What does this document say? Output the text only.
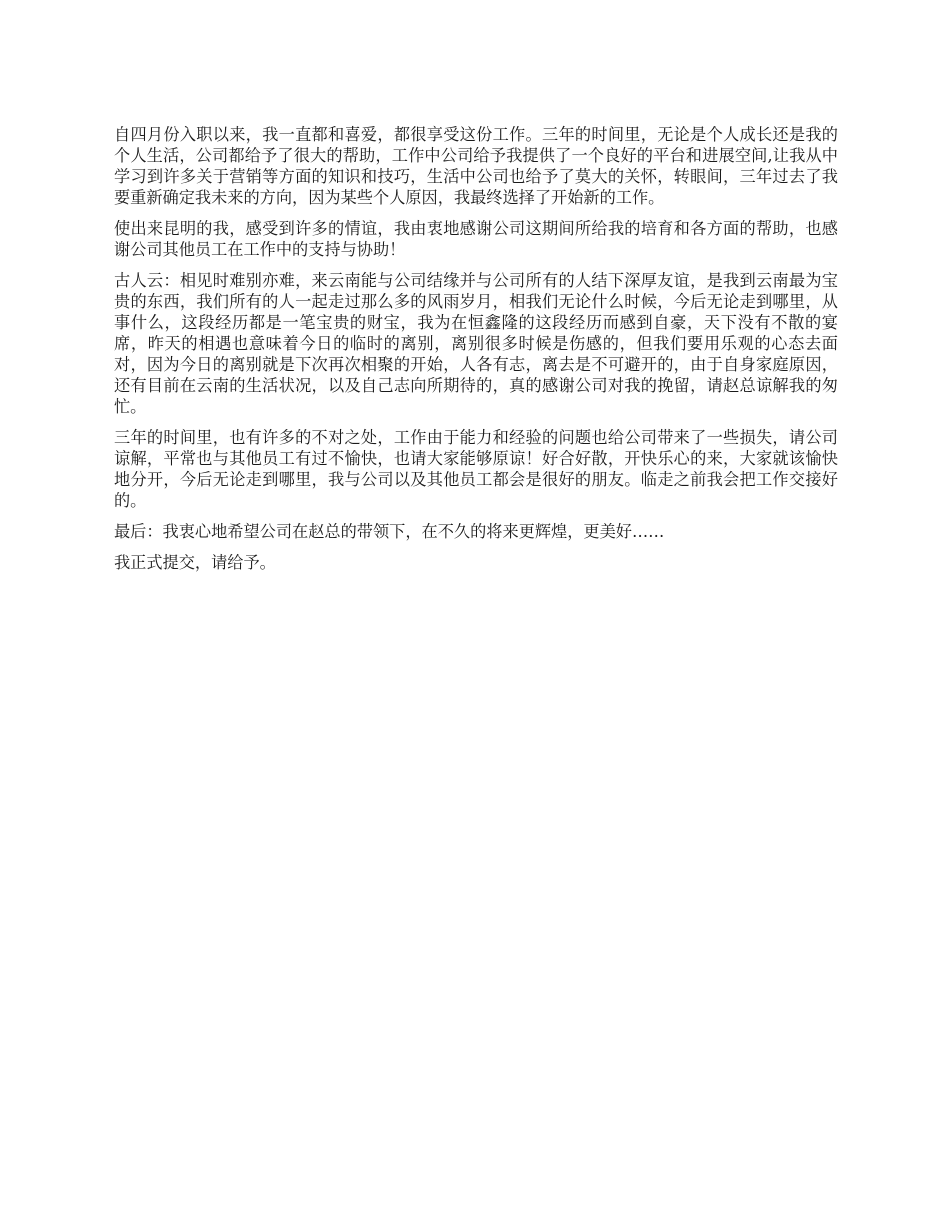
自四月份入职以来，我一直都和喜爱，都很享受这份工作。三年的时间里，无论是个人成长还是我的个人生活，公司都给予了很大的帮助，工作中公司给予我提供了一个良好的平台和进展空间,让我从中学习到许多关于营销等方面的知识和技巧，生活中公司也给予了莫大的关怀，转眼间，三年过去了我要重新确定我未来的方向，因为某些个人原因，我最终选择了开始新的工作。

使出来昆明的我，感受到许多的情谊，我由衷地感谢公司这期间所给我的培育和各方面的帮助，也感谢公司其他员工在工作中的支持与协助！

古人云：相见时难别亦难，来云南能与公司结缘并与公司所有的人结下深厚友谊，是我到云南最为宝贵的东西，我们所有的人一起走过那么多的风雨岁月，相我们无论什么时候，今后无论走到哪里，从事什么，这段经历都是一笔宝贵的财宝，我为在恒鑫隆的这段经历而感到自豪，天下没有不散的宴席，昨天的相遇也意味着今日的临时的离别，离别很多时候是伤感的，但我们要用乐观的心态去面对，因为今日的离别就是下次再次相聚的开始，人各有志，离去是不可避开的，由于自身家庭原因，还有目前在云南的生活状况，以及自己志向所期待的，真的感谢公司对我的挽留，请赵总谅解我的匆忙。

三年的时间里，也有许多的不对之处，工作由于能力和经验的问题也给公司带来了一些损失，请公司谅解，平常也与其他员工有过不愉快，也请大家能够原谅！好合好散，开快乐心的来，大家就该愉快地分开，今后无论走到哪里，我与公司以及其他员工都会是很好的朋友。临走之前我会把工作交接好的。

最后：我衷心地希望公司在赵总的带领下，在不久的将来更辉煌，更美好……

我正式提交，请给予。
